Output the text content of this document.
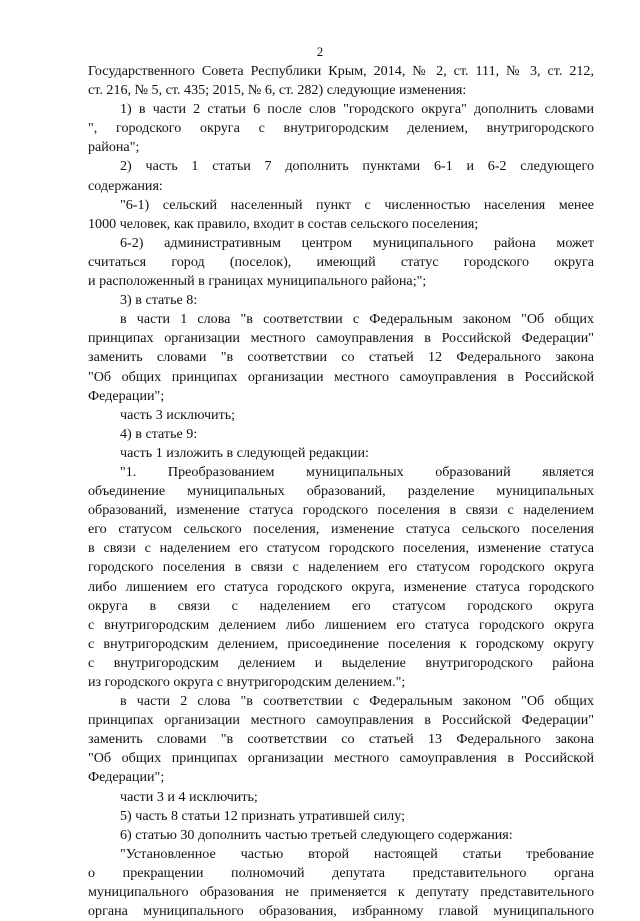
2
Государственного Совета Республики Крым, 2014, № 2, ст. 111, № 3, ст. 212,
ст. 216, № 5, ст. 435; 2015, № 6, ст. 282) следующие изменения:
1) в части 2 статьи 6 после слов "городского округа" дополнить словами
", городского округа с внутригородским делением, внутригородского
района";
2) часть 1 статьи 7 дополнить пунктами 6-1 и 6-2 следующего
содержания:
"6-1) сельский населенный пункт с численностью населения менее
1000 человек, как правило, входит в состав сельского поселения;
6-2) административным центром муниципального района может
считаться город (поселок), имеющий статус городского округа
и расположенный в границах муниципального района;";
3) в статье 8:
в части 1 слова "в соответствии с Федеральным законом "Об общих
принципах организации местного самоуправления в Российской Федерации"
заменить словами "в соответствии со статьей 12 Федерального закона
"Об общих принципах организации местного самоуправления в Российской
Федерации";
часть 3 исключить;
4) в статье 9:
часть 1 изложить в следующей редакции:
"1. Преобразованием муниципальных образований является
объединение муниципальных образований, разделение муниципальных
образований, изменение статуса городского поселения в связи с наделением
его статусом сельского поселения, изменение статуса сельского поселения
в связи с наделением его статусом городского поселения, изменение статуса
городского поселения в связи с наделением его статусом городского округа
либо лишением его статуса городского округа, изменение статуса городского
округа в связи с наделением его статусом городского округа
с внутригородским делением либо лишением его статуса городского округа
с внутригородским делением, присоединение поселения к городскому округу
с внутригородским делением и выделение внутригородского района
из городского округа с внутригородским делением.";
в части 2 слова "в соответствии с Федеральным законом "Об общих
принципах организации местного самоуправления в Российской Федерации"
заменить словами "в соответствии со статьей 13 Федерального закона
"Об общих принципах организации местного самоуправления в Российской
Федерации";
части 3 и 4 исключить;
5) часть 8 статьи 12 признать утратившей силу;
6) статью 30 дополнить частью третьей следующего содержания:
"Установленное частью второй настоящей статьи требование
о прекращении полномочий депутата представительного органа
муниципального образования не применяется к депутату представительного
органа муниципального образования, избранному главой муниципального
